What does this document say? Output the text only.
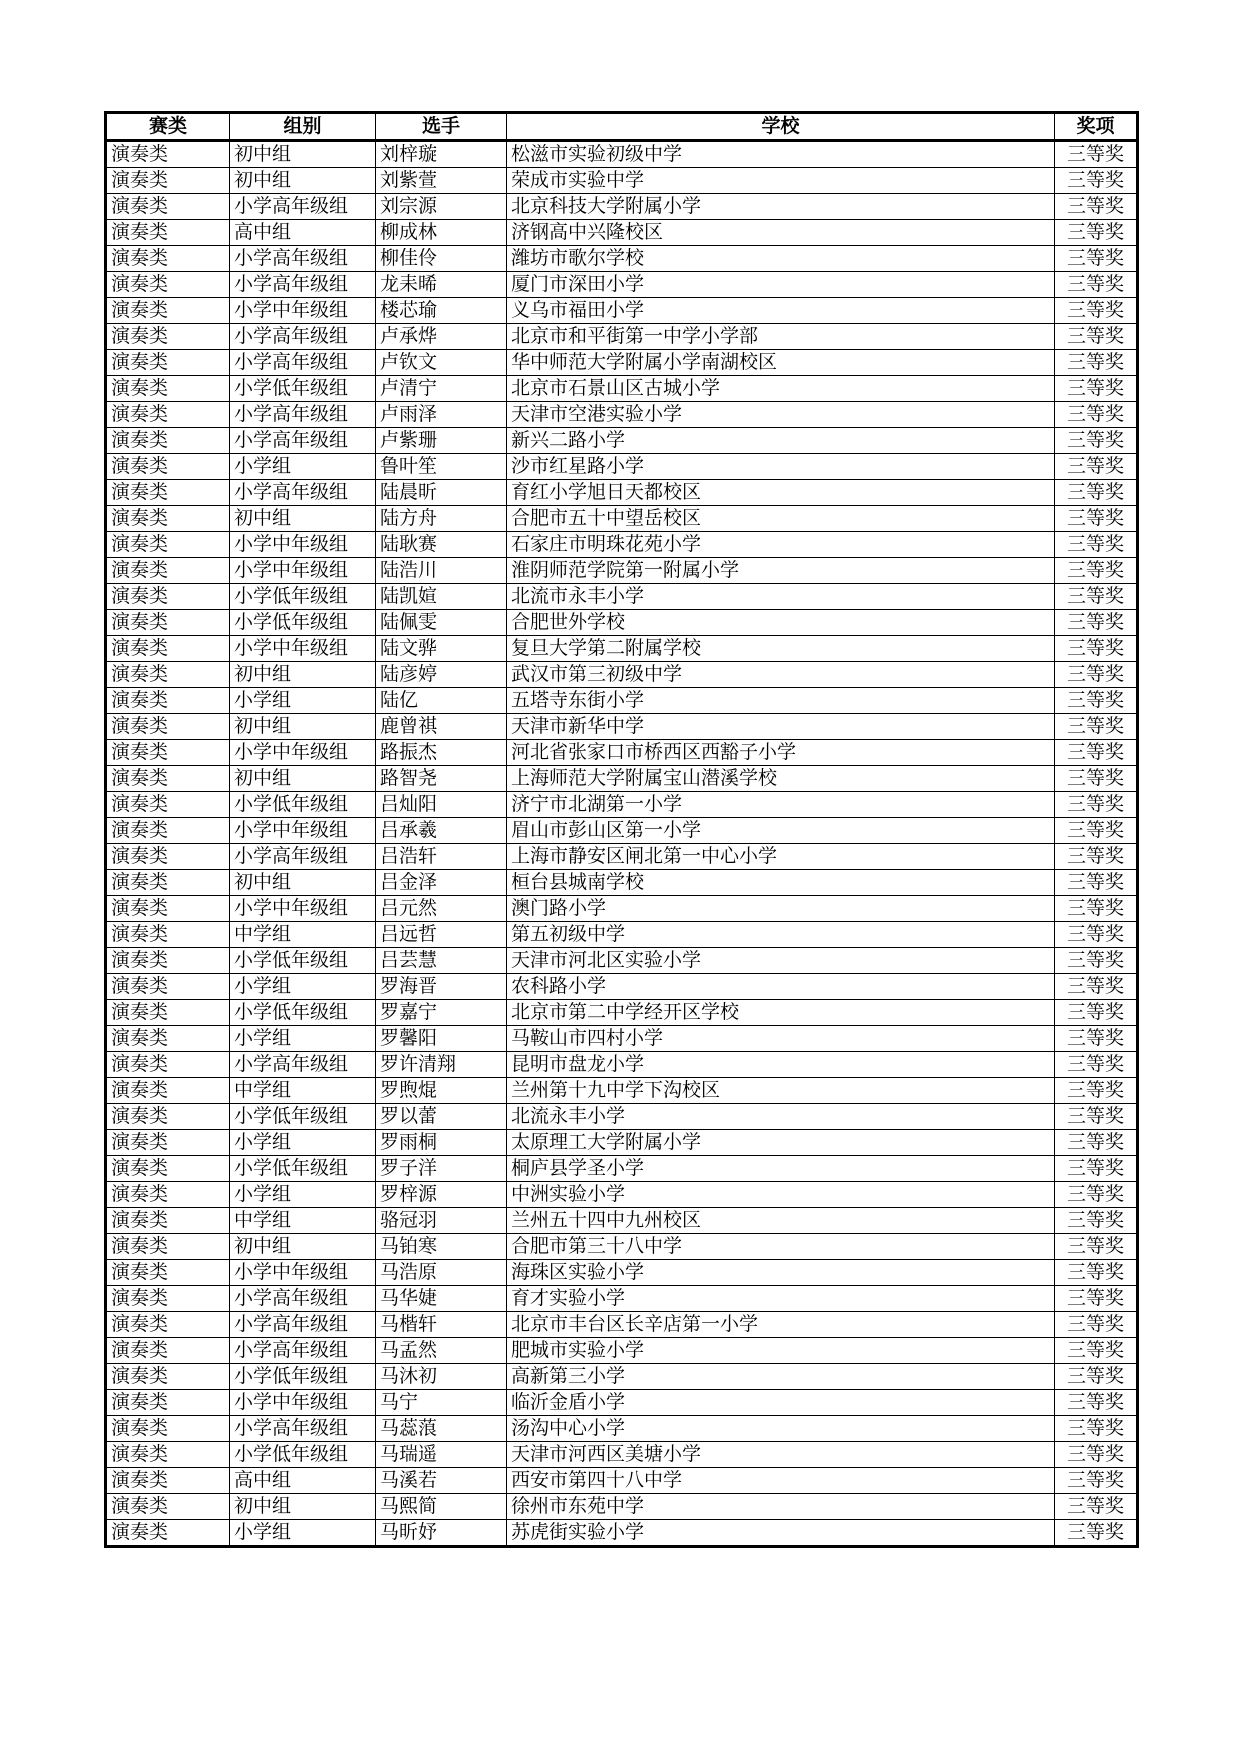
赛类	组别	选手	学校	奖项
演奏类	初中组	刘梓璇	松滋市实验初级中学	三等奖
演奏类	初中组	刘紫萱	荣成市实验中学	三等奖
演奏类	小学高年级组	刘宗源	北京科技大学附属小学	三等奖
演奏类	高中组	柳成林	济钢高中兴隆校区	三等奖
演奏类	小学高年级组	柳佳伶	潍坊市歌尔学校	三等奖
演奏类	小学高年级组	龙耒晞	厦门市深田小学	三等奖
演奏类	小学中年级组	楼芯瑜	义乌市福田小学	三等奖
演奏类	小学高年级组	卢承烨	北京市和平街第一中学小学部	三等奖
演奏类	小学高年级组	卢钦文	华中师范大学附属小学南湖校区	三等奖
演奏类	小学低年级组	卢清宁	北京市石景山区古城小学	三等奖
演奏类	小学高年级组	卢雨泽	天津市空港实验小学	三等奖
演奏类	小学高年级组	卢紫珊	新兴二路小学	三等奖
演奏类	小学组	鲁叶笙	沙市红星路小学	三等奖
演奏类	小学高年级组	陆晨昕	育红小学旭日天都校区	三等奖
演奏类	初中组	陆方舟	合肥市五十中望岳校区	三等奖
演奏类	小学中年级组	陆耿赛	石家庄市明珠花苑小学	三等奖
演奏类	小学中年级组	陆浩川	淮阴师范学院第一附属小学	三等奖
演奏类	小学低年级组	陆凯媗	北流市永丰小学	三等奖
演奏类	小学低年级组	陆佩雯	合肥世外学校	三等奖
演奏类	小学中年级组	陆文骅	复旦大学第二附属学校	三等奖
演奏类	初中组	陆彦婷	武汉市第三初级中学	三等奖
演奏类	小学组	陆亿	五塔寺东街小学	三等奖
演奏类	初中组	鹿曾祺	天津市新华中学	三等奖
演奏类	小学中年级组	路振杰	河北省张家口市桥西区西豁子小学	三等奖
演奏类	初中组	路智尧	上海师范大学附属宝山潜溪学校	三等奖
演奏类	小学低年级组	吕灿阳	济宁市北湖第一小学	三等奖
演奏类	小学中年级组	吕承羲	眉山市彭山区第一小学	三等奖
演奏类	小学高年级组	吕浩轩	上海市静安区闸北第一中心小学	三等奖
演奏类	初中组	吕金泽	桓台县城南学校	三等奖
演奏类	小学中年级组	吕元然	澳门路小学	三等奖
演奏类	中学组	吕远哲	第五初级中学	三等奖
演奏类	小学低年级组	吕芸慧	天津市河北区实验小学	三等奖
演奏类	小学组	罗海晋	农科路小学	三等奖
演奏类	小学低年级组	罗嘉宁	北京市第二中学经开区学校	三等奖
演奏类	小学组	罗馨阳	马鞍山市四村小学	三等奖
演奏类	小学高年级组	罗许清翔	昆明市盘龙小学	三等奖
演奏类	中学组	罗煦焜	兰州第十九中学下沟校区	三等奖
演奏类	小学低年级组	罗以蕾	北流永丰小学	三等奖
演奏类	小学组	罗雨桐	太原理工大学附属小学	三等奖
演奏类	小学低年级组	罗子洋	桐庐县学圣小学	三等奖
演奏类	小学组	罗梓源	中洲实验小学	三等奖
演奏类	中学组	骆冠羽	兰州五十四中九州校区	三等奖
演奏类	初中组	马铂寒	合肥市第三十八中学	三等奖
演奏类	小学中年级组	马浩原	海珠区实验小学	三等奖
演奏类	小学高年级组	马华婕	育才实验小学	三等奖
演奏类	小学高年级组	马楷轩	北京市丰台区长辛店第一小学	三等奖
演奏类	小学高年级组	马孟然	肥城市实验小学	三等奖
演奏类	小学低年级组	马沐初	高新第三小学	三等奖
演奏类	小学中年级组	马宁	临沂金盾小学	三等奖
演奏类	小学高年级组	马蕊蒗	汤沟中心小学	三等奖
演奏类	小学低年级组	马瑞遥	天津市河西区美塘小学	三等奖
演奏类	高中组	马溪若	西安市第四十八中学	三等奖
演奏类	初中组	马熙简	徐州市东苑中学	三等奖
演奏类	小学组	马昕妤	苏虎街实验小学	三等奖
